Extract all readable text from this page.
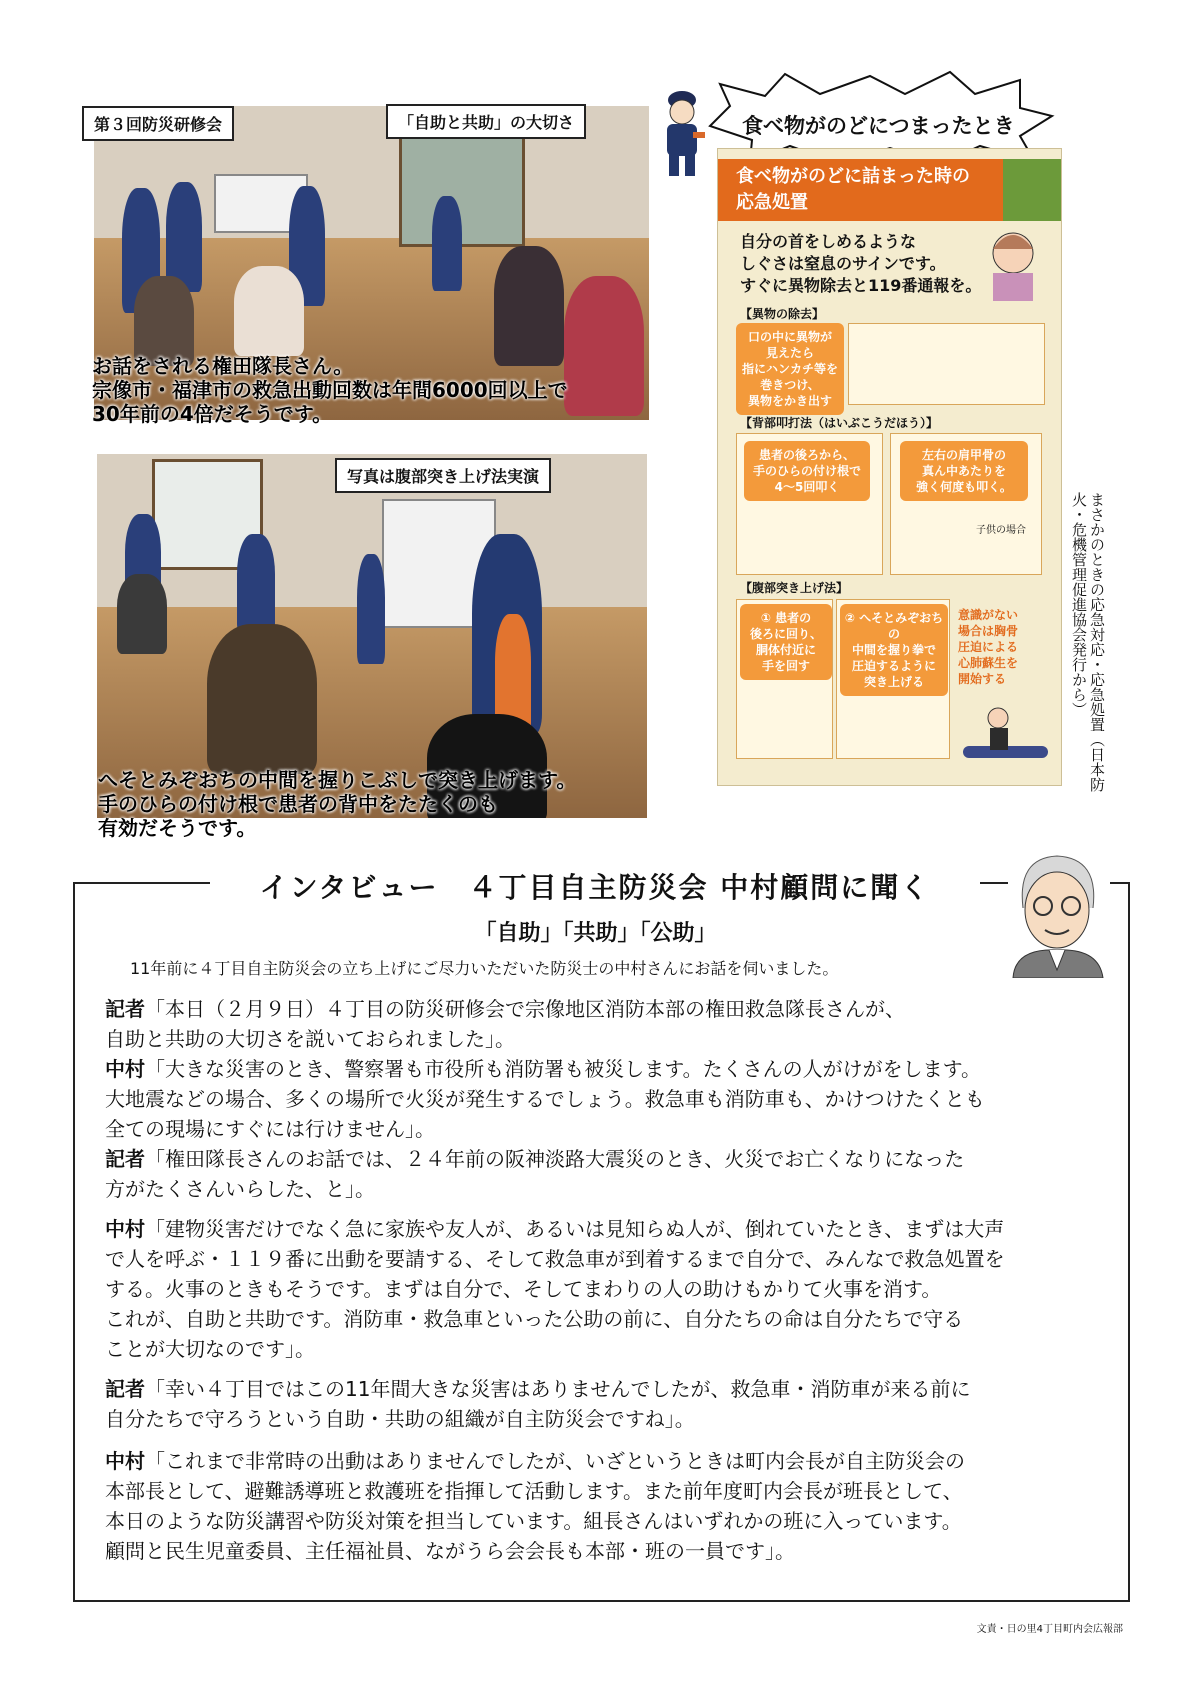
第３回防災研修会	「自助と共助」の大切さ
お話をされる権田隊長さん。
宗像市・福津市の救急出動回数は年間6000回以上で
30年前の4倍だそうです。
写真は腹部突き上げ法実演
へそとみぞおちの中間を握りこぶしで突き上げます。
手のひらの付け根で患者の背中をたたくのも
有効だそうです。
食べ物がのどにつまったとき
食べ物がのどに詰まった時の
応急処置
自分の首をしめるような
しぐさは窒息のサインです。
すぐに異物除去と119番通報を。
【異物の除去】
口の中に異物が
見えたら
指にハンカチ等を
巻きつけ、
異物をかき出す
【背部叩打法（はいぶこうだほう）】
患者の後ろから、
手のひらの付け根で
4〜5回叩く
左右の肩甲骨の
真ん中あたりを
強く何度も叩く。
子供の場合
【腹部突き上げ法】
① 患者の
後ろに回り、
胴体付近に
手を回す
② へそとみぞおちの
中間を握り拳で
圧迫するように
突き上げる
意識がない
場合は胸骨
圧迫による
心肺蘇生を
開始する	まさかのときの応急対応・応急処置（日本防火・危機管理促進協会発行から）
インタビュー　４丁目自主防災会 中村顧問に聞く
「自助」「共助」「公助」
11年前に４丁目自主防災会の立ち上げにご尽力いただいた防災士の中村さんにお話を伺いました。
記者「本日（２月９日）４丁目の防災研修会で宗像地区消防本部の権田救急隊長さんが、
自助と共助の大切さを説いておられました」。
中村「大きな災害のとき、警察署も市役所も消防署も被災します。たくさんの人がけがをします。
大地震などの場合、多くの場所で火災が発生するでしょう。救急車も消防車も、かけつけたくとも
全ての現場にすぐには行けません」。
記者「権田隊長さんのお話では、２４年前の阪神淡路大震災のとき、火災でお亡くなりになった
方がたくさんいらした、と」。
中村「建物災害だけでなく急に家族や友人が、あるいは見知らぬ人が、倒れていたとき、まずは大声
で人を呼ぶ・１１９番に出動を要請する、そして救急車が到着するまで自分で、みんなで救急処置を
する。火事のときもそうです。まずは自分で、そしてまわりの人の助けもかりて火事を消す。
これが、自助と共助です。消防車・救急車といった公助の前に、自分たちの命は自分たちで守る
ことが大切なのです」。
記者「幸い４丁目ではこの11年間大きな災害はありませんでしたが、救急車・消防車が来る前に
自分たちで守ろうという自助・共助の組織が自主防災会ですね」。
中村「これまで非常時の出動はありませんでしたが、いざというときは町内会長が自主防災会の
本部長として、避難誘導班と救護班を指揮して活動します。また前年度町内会長が班長として、
本日のような防災講習や防災対策を担当しています。組長さんはいずれかの班に入っています。
顧問と民生児童委員、主任福祉員、ながうら会会長も本部・班の一員です」。
文責・日の里4丁目町内会広報部
